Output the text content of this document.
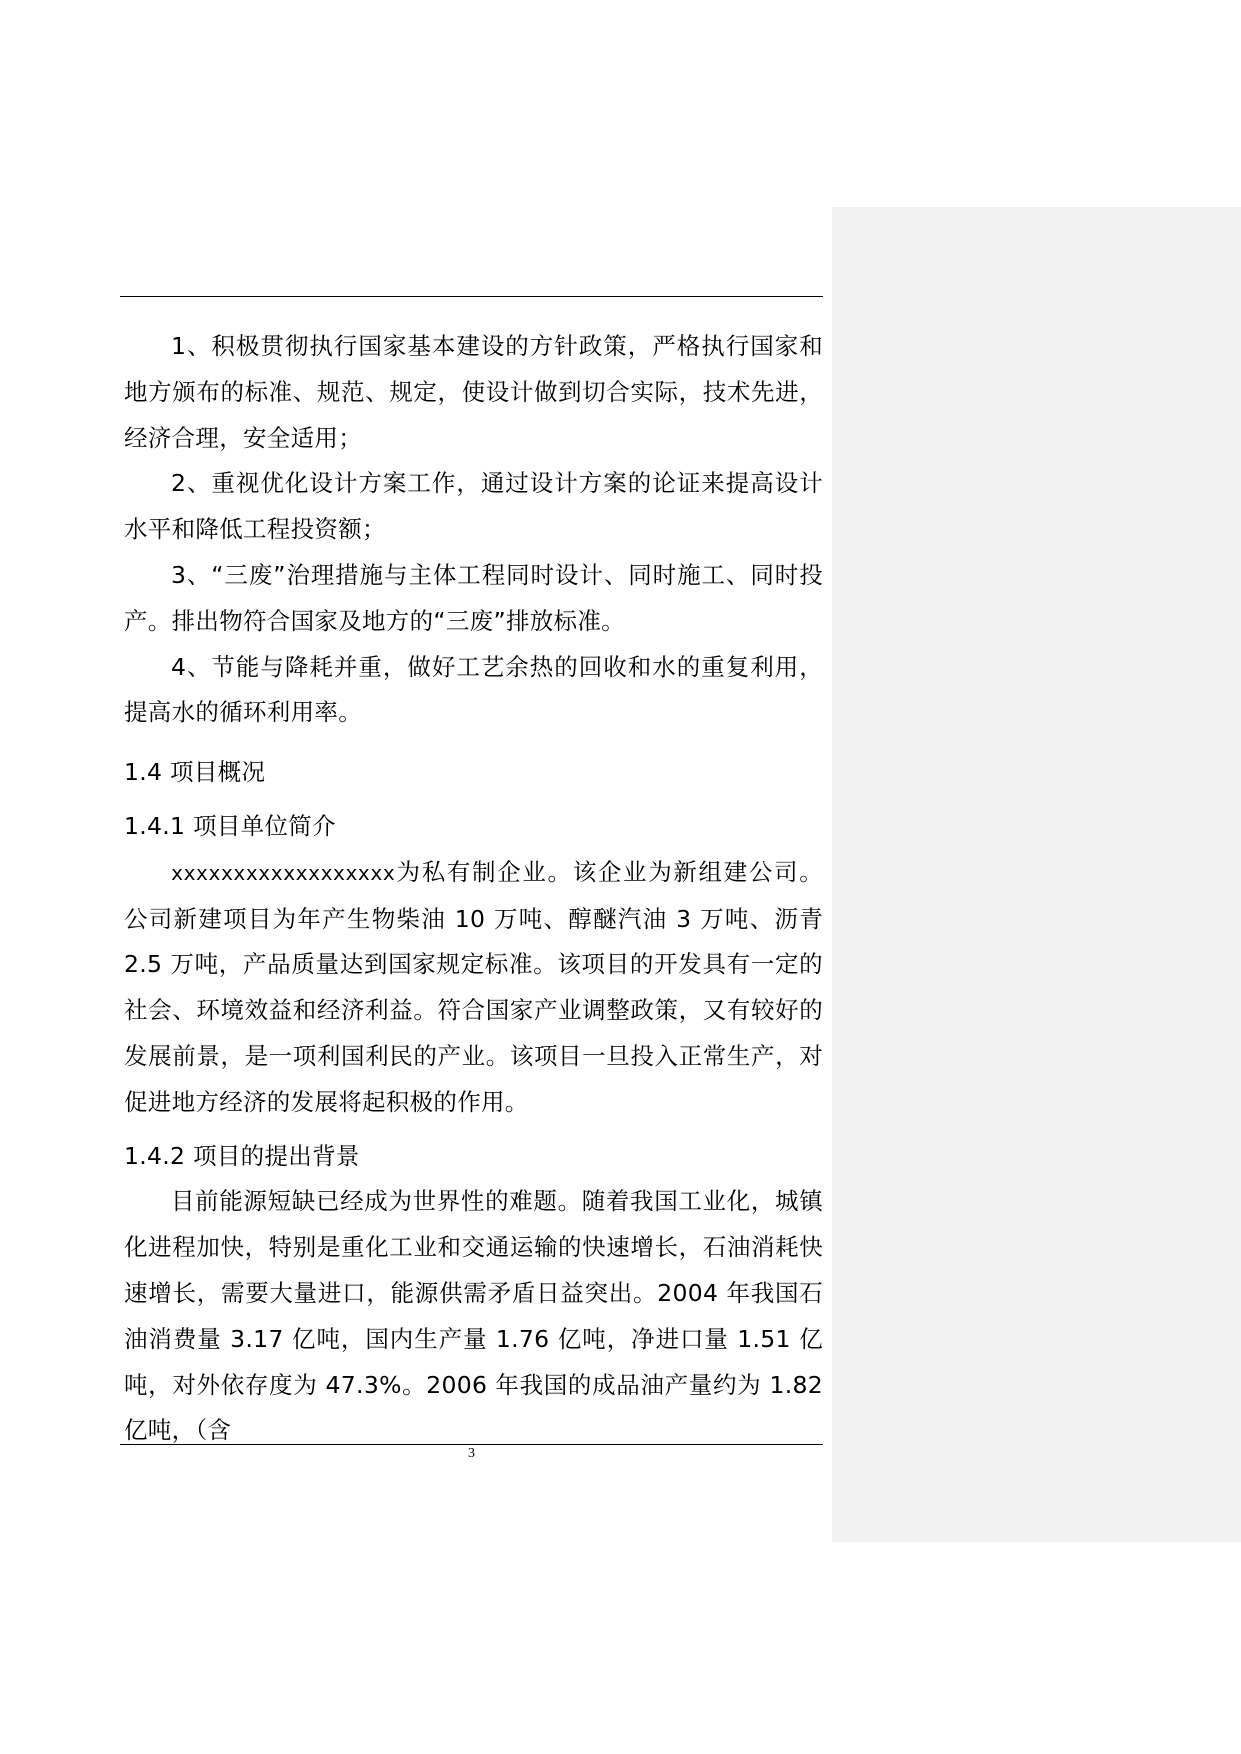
1、积极贯彻执行国家基本建设的方针政策，严格执行国家和地方颁布的标准、规范、规定，使设计做到切合实际，技术先进，经济合理，安全适用；

2、重视优化设计方案工作，通过设计方案的论证来提高设计水平和降低工程投资额；

3、“三废”治理措施与主体工程同时设计、同时施工、同时投产。排出物符合国家及地方的“三废”排放标准。

4、节能与降耗并重，做好工艺余热的回收和水的重复利用，提高水的循环利用率。

1.4 项目概况
1.4.1 项目单位简介

xxxxxxxxxxxxxxxxxx为私有制企业。该企业为新组建公司。公司新建项目为年产生物柴油 10 万吨、醇醚汽油 3 万吨、沥青 2.5 万吨，产品质量达到国家规定标准。该项目的开发具有一定的社会、环境效益和经济利益。符合国家产业调整政策，又有较好的发展前景，是一项利国利民的产业。该项目一旦投入正常生产，对促进地方经济的发展将起积极的作用。

1.4.2 项目的提出背景

目前能源短缺已经成为世界性的难题。随着我国工业化，城镇化进程加快，特别是重化工业和交通运输的快速增长，石油消耗快速增长，需要大量进口，能源供需矛盾日益突出。2004 年我国石油消费量 3.17 亿吨，国内生产量 1.76 亿吨，净进口量 1.51 亿吨，对外依存度为 47.3%。2006 年我国的成品油产量约为 1.82 亿吨，（含

3
